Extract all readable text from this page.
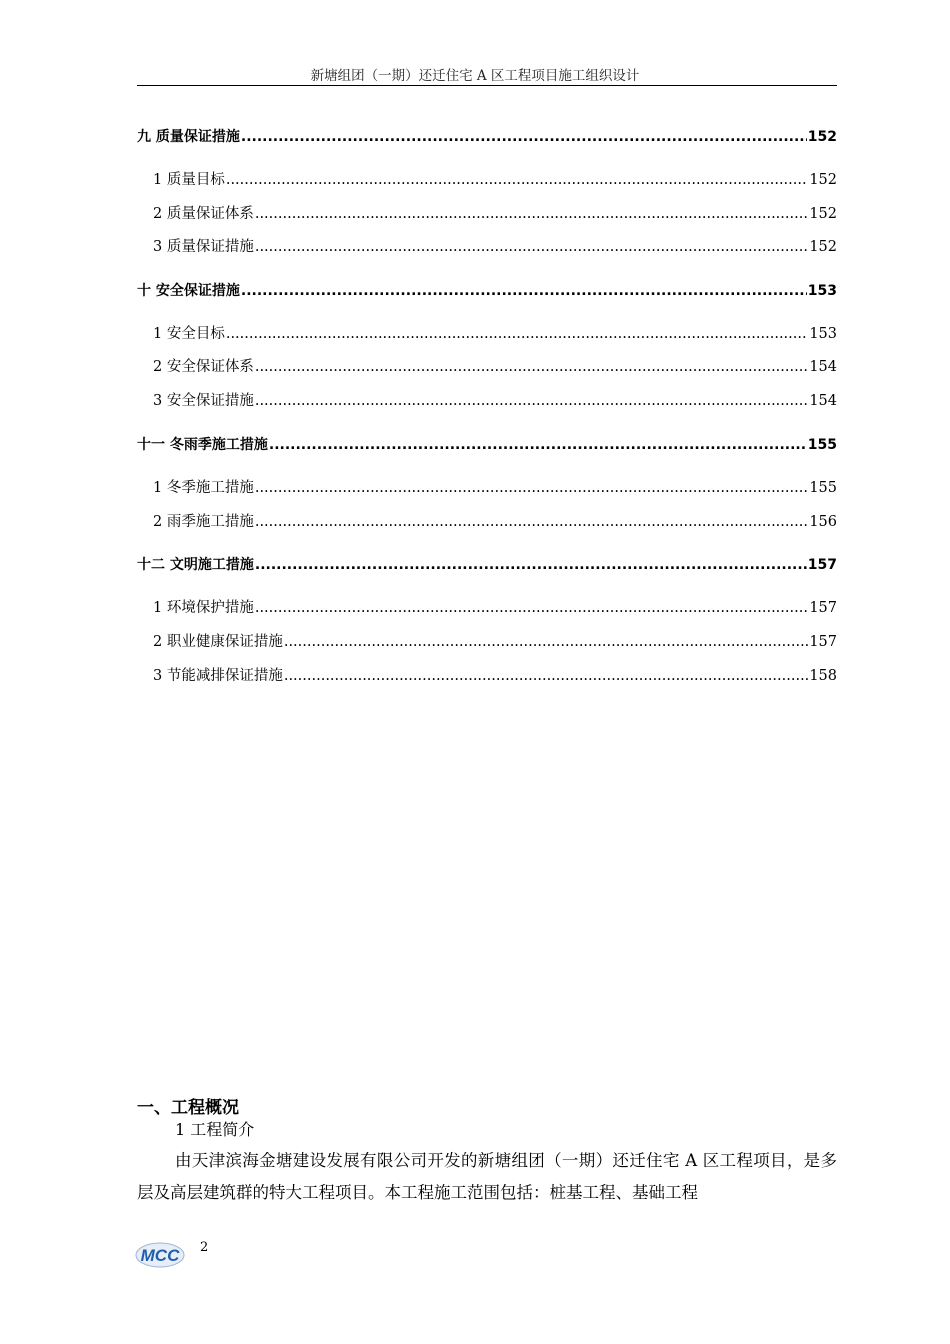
新塘组团（一期）还迁住宅 A 区工程项目施工组织设计
九 质量保证措施 .....	152
1 质量目标 .....	152
2 质量保证体系 .....	152
3 质量保证措施 .....	152
十 安全保证措施 .....	153
1 安全目标 .....	153
2 安全保证体系 .....	154
3 安全保证措施 .....	154
十一 冬雨季施工措施 .....	155
1 冬季施工措施 .....	155
2 雨季施工措施 .....	156
十二 文明施工措施 .....	157
1 环境保护措施 .....	157
2 职业健康保证措施 .....	157
3 节能减排保证措施 .....	158
一、工程概况
1 工程简介
由天津滨海金塘建设发展有限公司开发的新塘组团（一期）还迁住宅 A 区工程项目，是多层及高层建筑群的特大工程项目。本工程施工范围包括：桩基工程、基础工程
MCC 2
